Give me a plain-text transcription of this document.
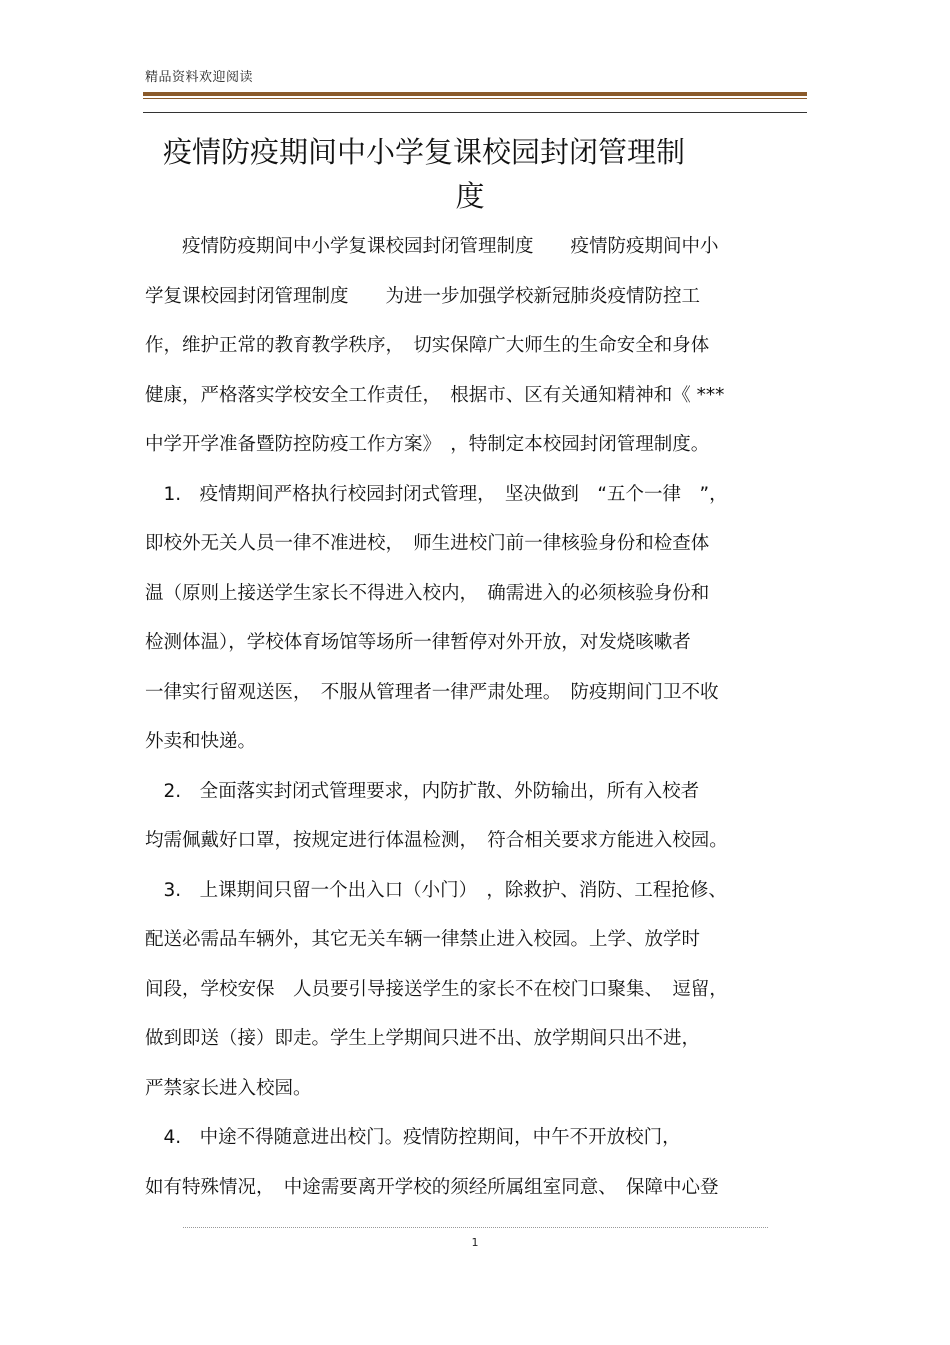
精品资料欢迎阅读
疫情防疫期间中小学复课校园封闭管理制
度
　　疫情防疫期间中小学复课校园封闭管理制度　　疫情防疫期间中小
学复课校园封闭管理制度　　为进一步加强学校新冠肺炎疫情防控工
作，维护正常的教育教学秩序，　切实保障广大师生的生命安全和身体
健康，严格落实学校安全工作责任，　根据市、区有关通知精神和《 ***
中学开学准备暨防控防疫工作方案》　，特制定本校园封闭管理制度。
　1.　疫情期间严格执行校园封闭式管理，　坚决做到　“五个一律　”，
即校外无关人员一律不准进校，　师生进校门前一律核验身份和检查体
温（原则上接送学生家长不得进入校内，　确需进入的必须核验身份和
检测体温），学校体育场馆等场所一律暂停对外开放，对发烧咳嗽者
一律实行留观送医，　不服从管理者一律严肃处理。　防疫期间门卫不收
外卖和快递。
　2.　全面落实封闭式管理要求，内防扩散、外防输出，所有入校者
均需佩戴好口罩，按规定进行体温检测，　符合相关要求方能进入校园。
　3.　上课期间只留一个出入口（小门）　，除救护、消防、工程抢修、
配送必需品车辆外，其它无关车辆一律禁止进入校园。上学、放学时
间段，学校安保　人员要引导接送学生的家长不在校门口聚集、　逗留，
做到即送（接）即走。学生上学期间只进不出、放学期间只出不进，
严禁家长进入校园。
　4.　中途不得随意进出校门。疫情防控期间，中午不开放校门，
如有特殊情况，　中途需要离开学校的须经所属组室同意、　保障中心登
1
